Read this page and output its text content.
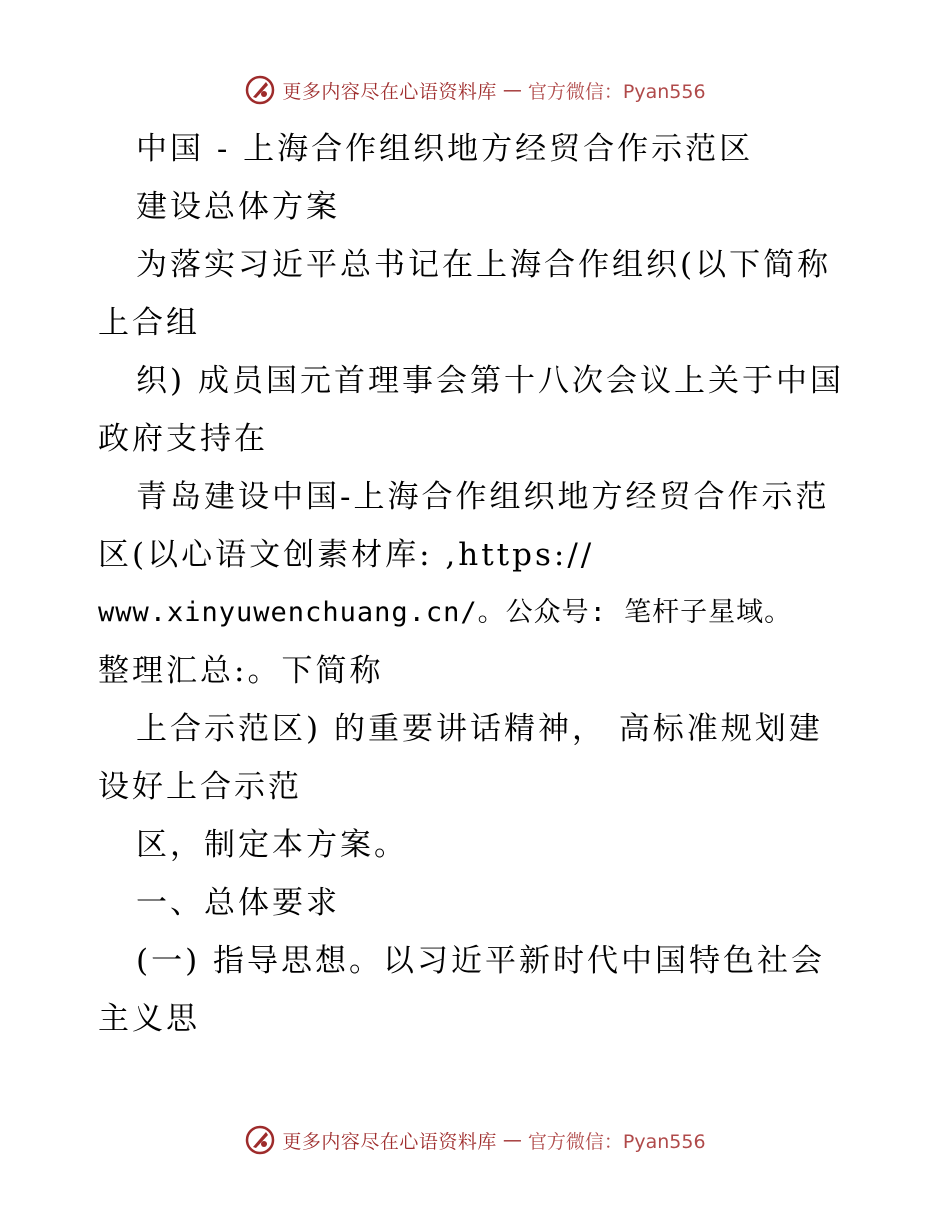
更多内容尽在心语资料库 — 官方微信：Pyan556
中国 - 上海合作组织地方经贸合作示范区
建设总体方案
为落实习近平总书记在上海合作组织(以下简称
上合组
织) 成员国元首理事会第十八次会议上关于中国
政府支持在
青岛建设中国-上海合作组织地方经贸合作示范
区(以心语文创素材库: ,https://
www.xinyuwenchuang.cn/。公众号: 笔杆子星域。
整理汇总:。下简称
上合示范区) 的重要讲话精神， 高标准规划建
设好上合示范
区，制定本方案。
一、总体要求
(一) 指导思想。以习近平新时代中国特色社会
主义思
更多内容尽在心语资料库 — 官方微信：Pyan556
